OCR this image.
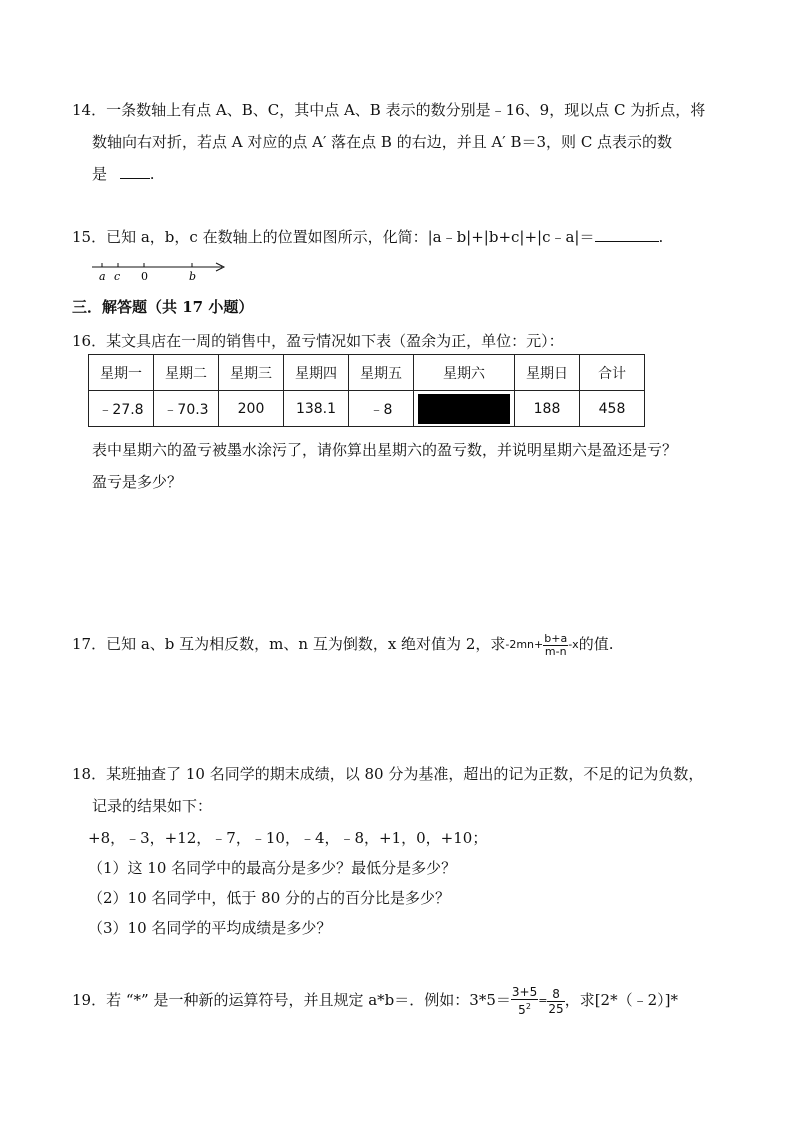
14．一条数轴上有点 A、B、C，其中点 A、B 表示的数分别是﹣16、9，现以点 C 为折点，将
数轴向右对折，若点 A 对应的点 A′ 落在点 B 的右边，并且 A′ B＝3，则 C 点表示的数
是	.
15．已知 a，b，c 在数轴上的位置如图所示，化简：|a﹣b|+|b+c|+|c﹣a|＝	.
a c 0	b
三．解答题（共 17 小题）
16．某文具店在一周的销售中，盈亏情况如下表（盈余为正，单位：元）：
星期一	星期二	星期三	星期四	星期五	星期六	星期日	合计
﹣27.8	﹣70.3	200	138.1	﹣8		188	458
表中星期六的盈亏被墨水涂污了，请你算出星期六的盈亏数，并说明星期六是盈还是亏？
盈亏是多少？
17．已知 a、b 互为相反数，m、n 互为倒数，x 绝对值为 2，求$-2mn+ \frac{b+a}{m-n} -x$的值.
18．某班抽查了 10 名同学的期末成绩，以 80 分为基准，超出的记为正数，不足的记为负数，
记录的结果如下：
+8，﹣3，+12，﹣7，﹣10，﹣4，﹣8，+1，0，+10；
（1）这 10 名同学中的最高分是多少？最低分是多少？
（2）10 名同学中，低于 80 分的占的百分比是多少？
（3）10 名同学的平均成绩是多少？
19．若 “*” 是一种新的运算符号，并且规定 a*b＝．例如：$3*5= \frac{3+5}{5^2} = \frac{8}{25}$ ，求[2*（﹣2）]*
